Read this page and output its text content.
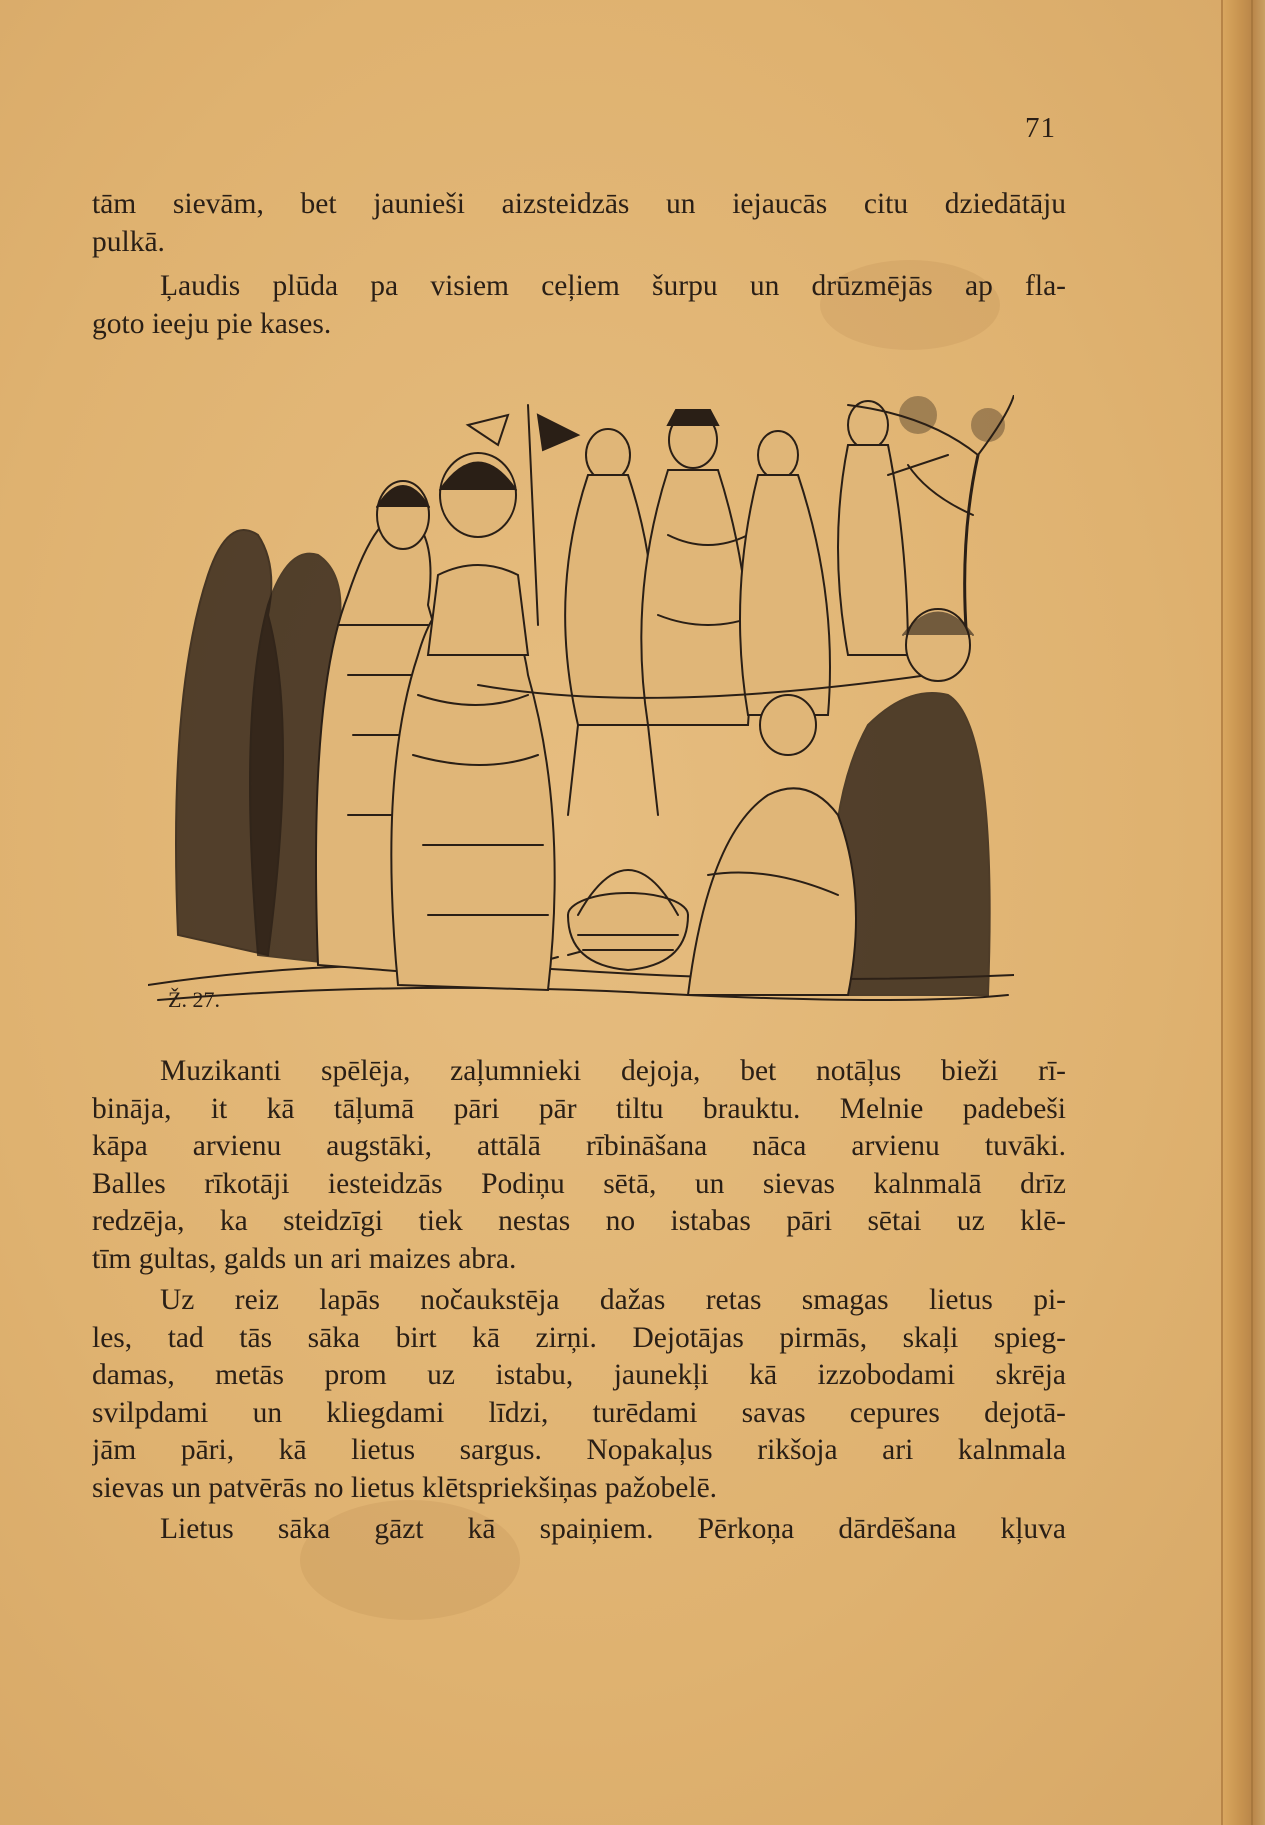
71
tām sievām, bet jaunieši aizsteidzās un iejaucās citu dziedātāju
pulkā.
Ļaudis plūda pa visiem ceļiem šurpu un drūzmējās ap fla-
goto ieeju pie kases.
Ž. 27.
Muzikanti spēlēja, zaļumnieki dejoja, bet notāļus bieži rī-
bināja, it kā tāļumā pāri pār tiltu brauktu. Melnie padebeši
kāpa arvienu augstāki, attālā rībināšana nāca arvienu tuvāki.
Balles rīkotāji iesteidzās Podiņu sētā, un sievas kalnmalā drīz
redzēja, ka steidzīgi tiek nestas no istabas pāri sētai uz klē-
tīm gultas, galds un ari maizes abra.
Uz reiz lapās nočaukstēja dažas retas smagas lietus pi-
les, tad tās sāka birt kā zirņi. Dejotājas pirmās, skaļi spieg-
damas, metās prom uz istabu, jaunekļi kā izzobodami skrēja
svilpdami un kliegdami līdzi, turēdami savas cepures dejotā-
jām pāri, kā lietus sargus. Nopakaļus rikšoja ari kalnmala
sievas un patvērās no lietus klētspriekšiņas pažobelē.
Lietus sāka gāzt kā spaiņiem. Pērkoņa dārdēšana kļuva
